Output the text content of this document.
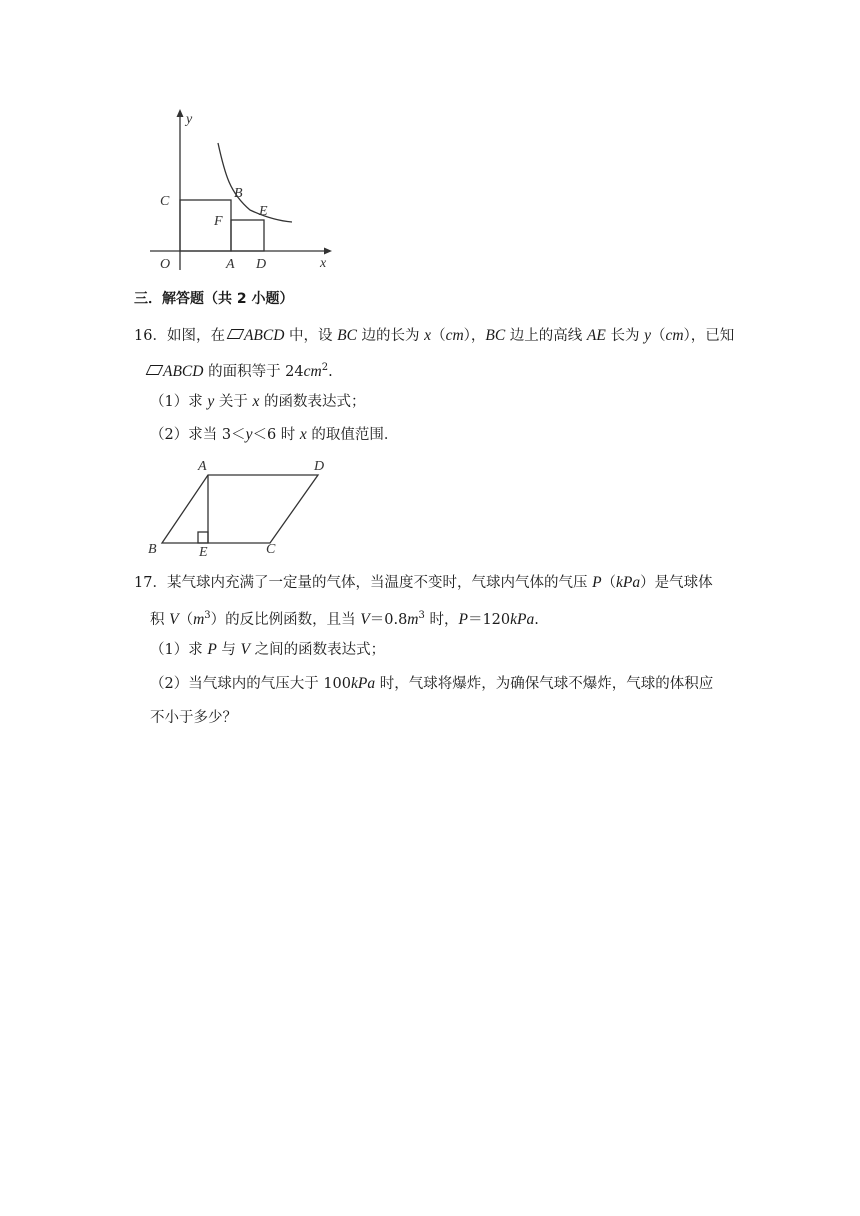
y
x
O
C
B
E
F
A D
三．解答题（共 2 小题）
16．如图，在 ABCD 中，设 BC 边的长为 x（cm），BC 边上的高线 AE 长为 y（cm），已知
ABCD 的面积等于 $24cm^2$.
（1）求 y 关于 x 的函数表达式；
（2）求当 3＜y＜6 时 x 的取值范围．
A	D
B	E	C
17．某气球内充满了一定量的气体，当温度不变时，气球内气体的气压 P（kPa）是气球体
积 $V(m^3)$的反比例函数，且当 $V=0.8m^3$ 时，P＝120kPa.
（1）求 P 与 V 之间的函数表达式；
（2）当气球内的气压大于 100kPa 时，气球将爆炸，为确保气球不爆炸，气球的体积应
不小于多少？
